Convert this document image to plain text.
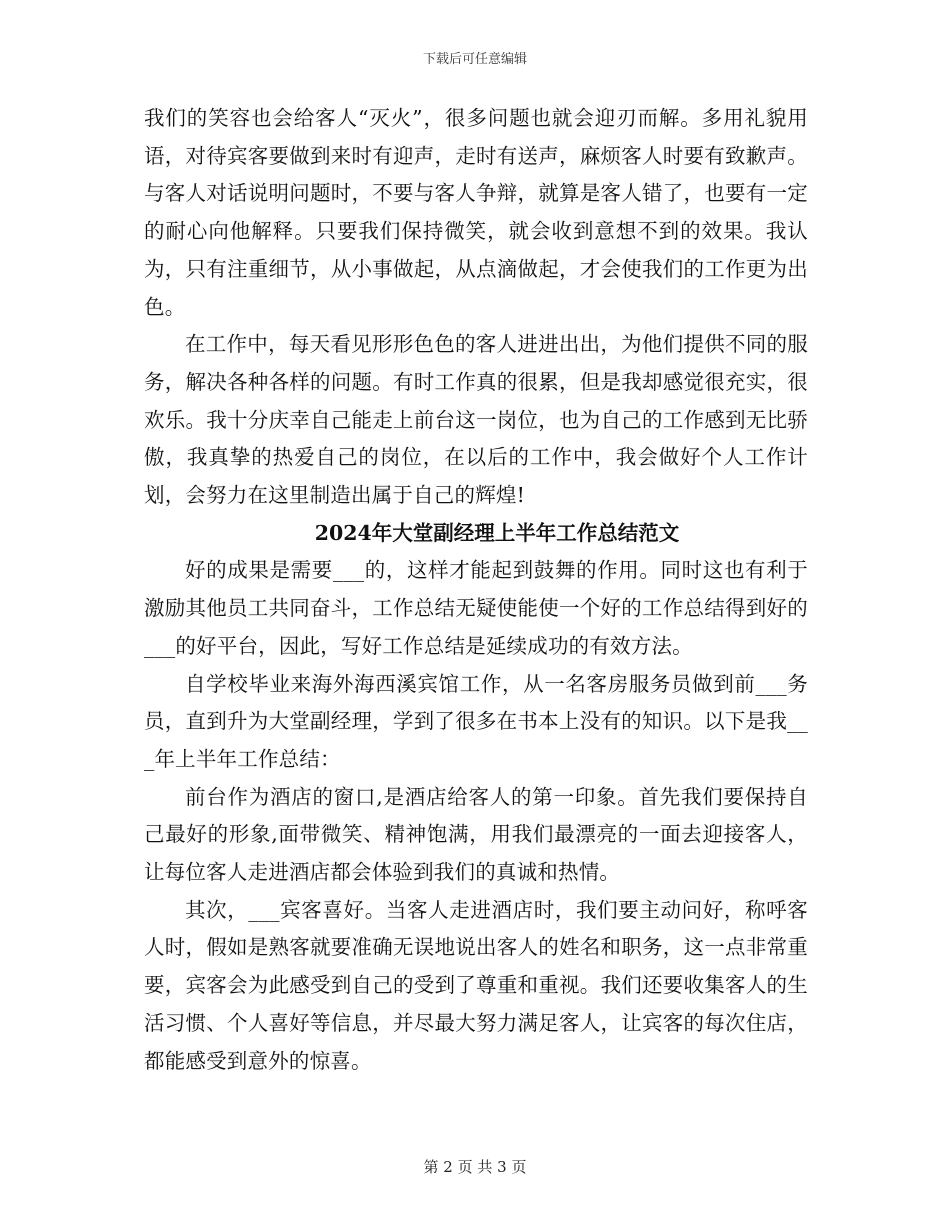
下载后可任意编辑

我们的笑容也会给客人“灭火”，很多问题也就会迎刃而解。多用礼貌用语，对待宾客要做到来时有迎声，走时有送声，麻烦客人时要有致歉声。与客人对话说明问题时，不要与客人争辩，就算是客人错了，也要有一定的耐心向他解释。只要我们保持微笑，就会收到意想不到的效果。我认为，只有注重细节，从小事做起，从点滴做起，才会使我们的工作更为出色。

在工作中，每天看见形形色色的客人进进出出，为他们提供不同的服务，解决各种各样的问题。有时工作真的很累，但是我却感觉很充实，很欢乐。我十分庆幸自己能走上前台这一岗位，也为自己的工作感到无比骄傲，我真挚的热爱自己的岗位，在以后的工作中，我会做好个人工作计划，会努力在这里制造出属于自己的辉煌!

2024年大堂副经理上半年工作总结范文

好的成果是需要___的，这样才能起到鼓舞的作用。同时这也有利于激励其他员工共同奋斗，工作总结无疑使能使一个好的工作总结得到好的___的好平台，因此，写好工作总结是延续成功的有效方法。

自学校毕业来海外海西溪宾馆工作，从一名客房服务员做到前___务员，直到升为大堂副经理，学到了很多在书本上没有的知识。以下是我___年上半年工作总结：

前台作为酒店的窗口,是酒店给客人的第一印象。首先我们要保持自己最好的形象,面带微笑、精神饱满，用我们最漂亮的一面去迎接客人，让每位客人走进酒店都会体验到我们的真诚和热情。

其次，___宾客喜好。当客人走进酒店时，我们要主动问好，称呼客人时，假如是熟客就要准确无误地说出客人的姓名和职务，这一点非常重要，宾客会为此感受到自己的受到了尊重和重视。我们还要收集客人的生活习惯、个人喜好等信息，并尽最大努力满足客人，让宾客的每次住店，都能感受到意外的惊喜。

第 2 页 共 3 页
